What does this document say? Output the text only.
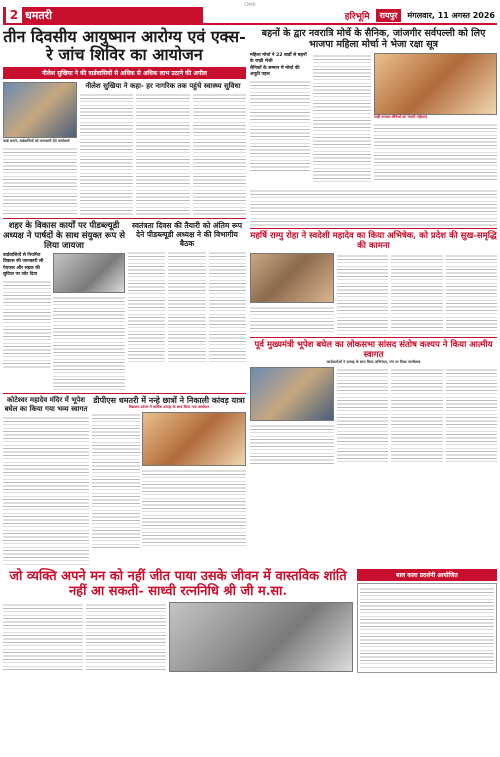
CMYK
2 धमतरी	हरिभूमि	रायपुर	मंगलवार, 11 अगस्त 2026
तीन दिवसीय आयुष्मान आरोग्य एवं एक्स-रे जांच शिविर का आयोजन
नीलेश सुखिया ने की वार्डवासियों से अधिक से अधिक लाभ उठाने की अपील
कार्ड बनाने, वार्डवासियों को जानकारी देते कार्यकर्ता
नीलेश सुखिया ने कहा- हर नागरिक तक पहुंचे स्वास्थ्य सुविधा
शहर के विकास कार्यों पर पीडब्ल्यूडी अध्यक्ष ने पार्षदों के साथ संयुक्त रूप से लिया जायजा
वार्डवासियों से नियमित विकास की जानकारी ली
पेयजल और सड़क की सुविधा पर जोर दिया
स्वतंत्रता दिवस की तैयारी को अंतिम रूप देने पीडब्ल्यूडी अध्यक्ष ने की विभागीय बैठक
कोटेश्वर महादेव मंदिर में भूपेश बघेल का किया गया भव्य स्वागत
डीपीएस धमतरी में नन्हे छात्रों ने निकाली कांवड़ यात्रा
विद्यालय प्रांगण में धार्मिक उत्साह के साथ किया गया आयोजन
बहनों के द्वार नवरात्रि मोर्चे के सैनिक, जांजगीर सर्वपल्ली को लिए भाजपा महिला मोर्चा ने भेजा रक्षा सूत्र
महिला मोर्चा ने 22 बार्डों से बहनों के राखी भेजी
सैनिकों के सम्मान में मोर्चा की अनूठी पहल
राखी बनाकर सैनिकों को भेजती महिलाएं
महर्षि राम्पु रोहा ने स्वदेशी महादेव का किया अभिषेक, को प्रदेश की सुख-समृद्धि की कामना
पूर्व मुख्यमंत्री भूपेश बघेल का लोकसभा सांसद संतोष कश्यप ने किया आत्मीय स्वागत
कार्यकर्ताओं ने उत्साह के साथ किया अभिनंदन, मंच पर दिखा जनसैलाब
जो व्यक्ति अपने मन को नहीं जीत पाया उसके जीवन में वास्तविक शांति नहीं आ सकती- साध्वी रत्ननिधि श्री जी म.सा.
बाल कला प्रदर्शनी आयोजित
